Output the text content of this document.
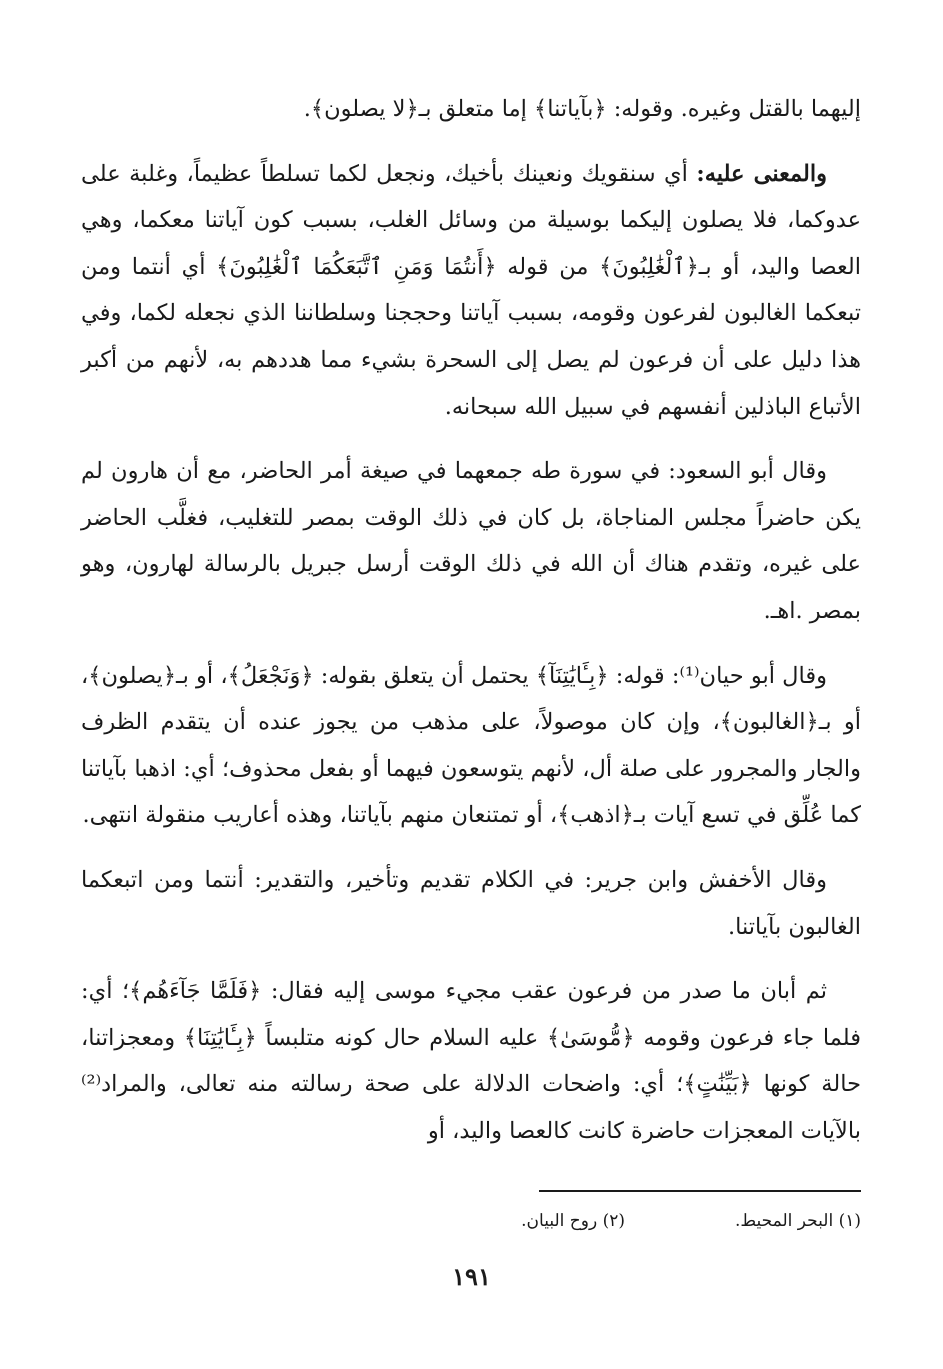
إليهما بالقتل وغيره. وقوله: ﴿بآياتنا﴾ إما متعلق بـ﴿لا يصلون﴾.

والمعنى عليه: أي سنقويك ونعينك بأخيك، ونجعل لكما تسلطاً عظيماً، وغلبة على عدوكما، فلا يصلون إليكما بوسيلة من وسائل الغلب، بسبب كون آياتنا معكما، وهي العصا واليد، أو بـ﴿ٱلْغَٰلِبُونَ﴾ من قوله ﴿أَنتُمَا وَمَنِ ٱتَّبَعَكُمَا ٱلْغَٰلِبُونَ﴾ أي أنتما ومن تبعكما الغالبون لفرعون وقومه، بسبب آياتنا وحججنا وسلطاننا الذي نجعله لكما، وفي هذا دليل على أن فرعون لم يصل إلى السحرة بشيء مما هددهم به، لأنهم من أكبر الأتباع الباذلين أنفسهم في سبيل الله سبحانه.

وقال أبو السعود: في سورة طه جمعهما في صيغة أمر الحاضر، مع أن هارون لم يكن حاضراً مجلس المناجاة، بل كان في ذلك الوقت بمصر للتغليب، فغلَّب الحاضر على غيره، وتقدم هناك أن الله في ذلك الوقت أرسل جبريل بالرسالة لهارون، وهو بمصر .اهـ.

وقال أبو حيان⁽¹⁾: قوله: ﴿بِـَٔايَٰتِنَآ﴾ يحتمل أن يتعلق بقوله: ﴿وَنَجْعَلُ﴾، أو بـ﴿يصلون﴾، أو بـ﴿الغالبون﴾، وإن كان موصولاً، على مذهب من يجوز عنده أن يتقدم الظرف والجار والمجرور على صلة أل، لأنهم يتوسعون فيهما أو بفعل محذوف؛ أي: اذهبا بآياتنا كما عُلِّق في تسع آيات بـ﴿اذهب﴾، أو تمتنعان منهم بآياتنا، وهذه أعاريب منقولة انتهى.

وقال الأخفش وابن جرير: في الكلام تقديم وتأخير، والتقدير: أنتما ومن اتبعكما الغالبون بآياتنا.

ثم أبان ما صدر من فرعون عقب مجيء موسى إليه فقال: ﴿فَلَمَّا جَآءَهُم﴾؛ أي: فلما جاء فرعون وقومه ﴿مُّوسَىٰ﴾ عليه السلام حال كونه متلبساً ﴿بِـَٔايَٰتِنَا﴾ ومعجزاتنا، حالة كونها ﴿بَيِّنَٰتٍ﴾؛ أي: واضحات الدلالة على صحة رسالته منه تعالى، والمراد⁽²⁾ بالآيات المعجزات حاضرة كانت كالعصا واليد، أو

(١) البحر المحيط.
(٢) روح البيان.
١٩١
